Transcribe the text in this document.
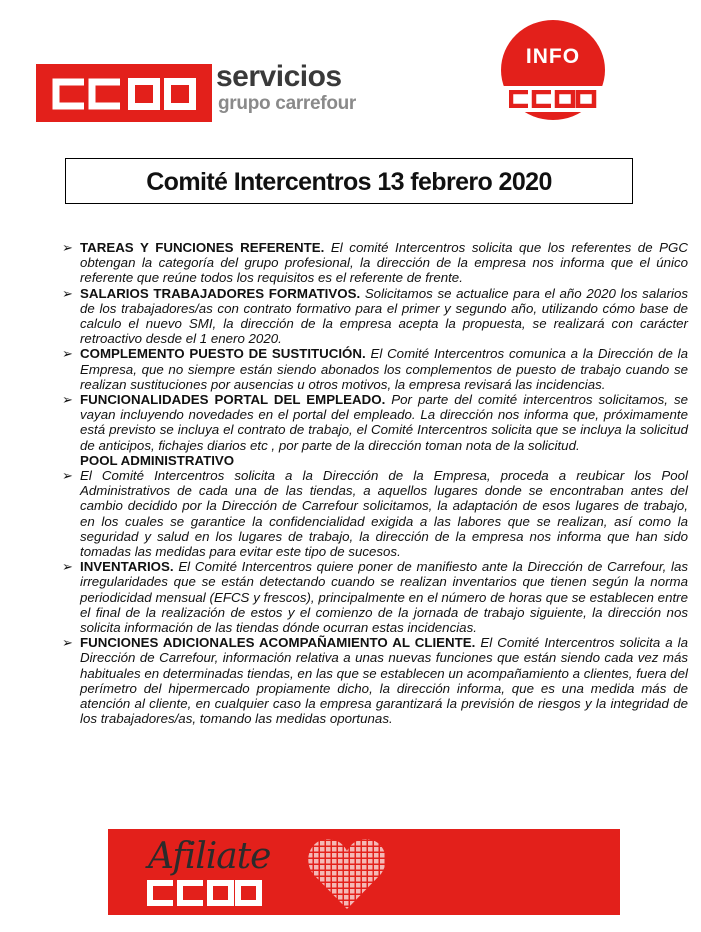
servicios
grupo carrefour
INFO
Comité Intercentros 13 febrero 2020
➢ TAREAS Y FUNCIONES REFERENTE. El comité Intercentros solicita que los referentes de PGC obtengan la categoría del grupo profesional, la dirección de la empresa nos informa que el único referente que reúne todos los requisitos es el referente de frente.
➢ SALARIOS TRABAJADORES FORMATIVOS. Solicitamos se actualice para el año 2020 los salarios de los trabajadores/as con contrato formativo para el primer y segundo año, utilizando cómo base de calculo el nuevo SMI, la dirección de la empresa acepta la propuesta, se realizará con carácter retroactivo desde el 1 enero 2020.
➢ COMPLEMENTO PUESTO DE SUSTITUCIÓN. El Comité Intercentros comunica a la Dirección de la Empresa, que no siempre están siendo abonados los complementos de puesto de trabajo cuando se realizan sustituciones por ausencias u otros motivos, la empresa revisará las incidencias.
➢ FUNCIONALIDADES PORTAL DEL EMPLEADO. Por parte del comité intercentros solicitamos, se vayan incluyendo novedades en el portal del empleado. La dirección nos informa que, próximamente está previsto se incluya el contrato de trabajo, el Comité Intercentros solicita que se incluya la solicitud de anticipos, fichajes diarios etc , por parte de la dirección toman nota de la solicitud.
POOL ADMINISTRATIVO
➢ El Comité Intercentros solicita a la Dirección de la Empresa, proceda a reubicar los Pool Administrativos de cada una de las tiendas, a aquellos lugares donde se encontraban antes del cambio decidido por la Dirección de Carrefour solicitamos, la adaptación de esos lugares de trabajo, en los cuales se garantice la confidencialidad exigida a las labores que se realizan, así como la seguridad y salud en los lugares de trabajo, la dirección de la empresa nos informa que han sido tomadas las medidas para evitar este tipo de sucesos.
➢ INVENTARIOS. El Comité Intercentros quiere poner de manifiesto ante la Dirección de Carrefour, las irregularidades que se están detectando cuando se realizan inventarios que tienen según la norma periodicidad mensual (EFCS y frescos), principalmente en el número de horas que se establecen entre el final de la realización de estos y el comienzo de la jornada de trabajo siguiente, la dirección nos solicita información de las tiendas dónde ocurran estas incidencias.
➢ FUNCIONES ADICIONALES ACOMPAÑAMIENTO AL CLIENTE. El Comité Intercentros solicita a la Dirección de Carrefour, información relativa a unas nuevas funciones que están siendo cada vez más habituales en determinadas tiendas, en las que se establecen un acompañamiento a clientes, fuera del perímetro del hipermercado propiamente dicho, la dirección informa, que es una medida más de atención al cliente, en cualquier caso la empresa garantizará la previsión de riesgos y la integridad de los trabajadores/as, tomando las medidas oportunas.
Afiliate
